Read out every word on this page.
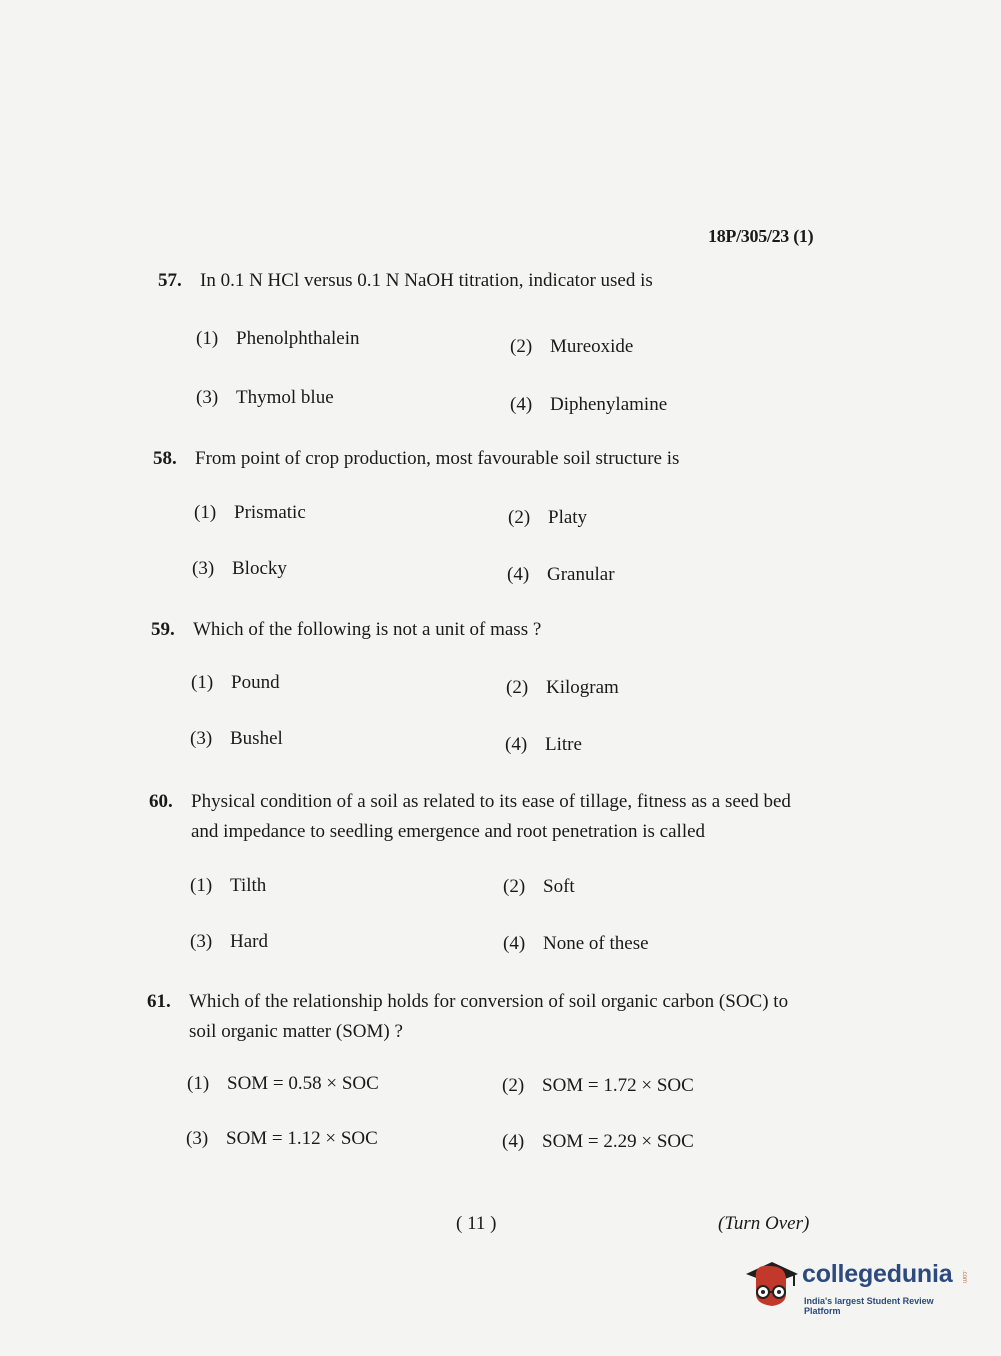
18P/305/23 (1)
57. In 0.1 N HCl versus 0.1 N NaOH titration, indicator used is
(1) Phenolphthalein	(2) Mureoxide
(3) Thymol blue	(4) Diphenylamine
58. From point of crop production, most favourable soil structure is
(1) Prismatic	(2) Platy
(3) Blocky	(4) Granular
59. Which of the following is not a unit of mass ?
(1) Pound	(2) Kilogram
(3) Bushel	(4) Litre
60. Physical condition of a soil as related to its ease of tillage, fitness as a seed bed and impedance to seedling emergence and root penetration is called
(1) Tilth	(2) Soft
(3) Hard	(4) None of these
61. Which of the relationship holds for conversion of soil organic carbon (SOC) to soil organic matter (SOM) ?
(1) SOM = 0.58 × SOC	(2) SOM = 1.72 × SOC
(3) SOM = 1.12 × SOC	(4) SOM = 2.29 × SOC
( 11 )	(Turn Over)
collegedunia .com
India's largest Student Review Platform
